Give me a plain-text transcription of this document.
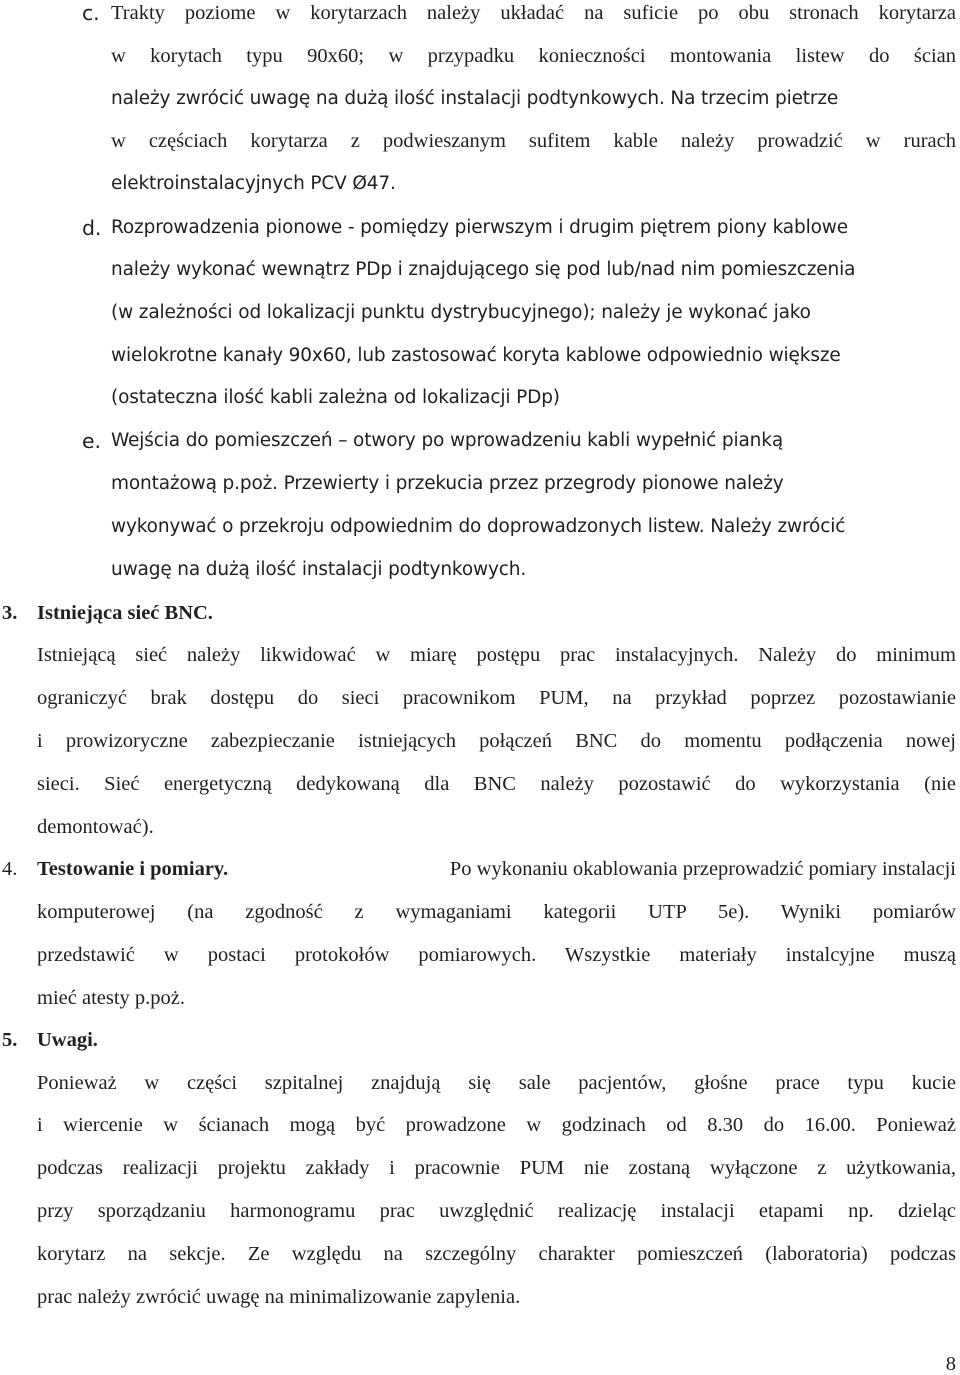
c. Trakty poziome w korytarzach należy układać na suficie po obu stronach korytarza
w korytach typu 90x60; w przypadku konieczności montowania listew do ścian
należy zwrócić uwagę na dużą ilość instalacji podtynkowych. Na trzecim pietrze
w częściach korytarza z podwieszanym sufitem kable należy prowadzić w rurach
elektroinstalacyjnych PCV Ø47.
d. Rozprowadzenia pionowe - pomiędzy pierwszym i drugim piętrem piony kablowe
należy wykonać wewnątrz PDp i znajdującego się pod lub/nad nim pomieszczenia
(w zależności od lokalizacji punktu dystrybucyjnego); należy je wykonać jako
wielokrotne kanały 90x60, lub zastosować koryta kablowe odpowiednio większe
(ostateczna ilość kabli zależna od lokalizacji PDp)
e. Wejścia do pomieszczeń – otwory po wprowadzeniu kabli wypełnić pianką
montażową p.poż. Przewierty i przekucia przez przegrody pionowe należy
wykonywać o przekroju odpowiednim do doprowadzonych listew. Należy zwrócić
uwagę na dużą ilość instalacji podtynkowych.
3. Istniejąca sieć BNC.
Istniejącą sieć należy likwidować w miarę postępu prac instalacyjnych. Należy do minimum
ograniczyć brak dostępu do sieci pracownikom PUM, na przykład poprzez pozostawianie
i prowizoryczne zabezpieczanie istniejących połączeń BNC do momentu podłączenia nowej
sieci. Sieć energetyczną dedykowaną dla BNC należy pozostawić do wykorzystania (nie
demontować).
4. Testowanie i pomiary.	Po wykonaniu okablowania przeprowadzić pomiary instalacji
komputerowej (na zgodność z wymaganiami kategorii UTP 5e). Wyniki pomiarów
przedstawić w postaci protokołów pomiarowych. Wszystkie materiały instalcyjne muszą
mieć atesty p.poż.
5. Uwagi.
Ponieważ w części szpitalnej znajdują się sale pacjentów, głośne prace typu kucie
i wiercenie w ścianach mogą być prowadzone w godzinach od 8.30 do 16.00. Ponieważ
podczas realizacji projektu zakłady i pracownie PUM nie zostaną wyłączone z użytkowania,
przy sporządzaniu harmonogramu prac uwzględnić realizację instalacji etapami np. dzieląc
korytarz na sekcje. Ze względu na szczególny charakter pomieszczeń (laboratoria) podczas
prac należy zwrócić uwagę na minimalizowanie zapylenia.
8
